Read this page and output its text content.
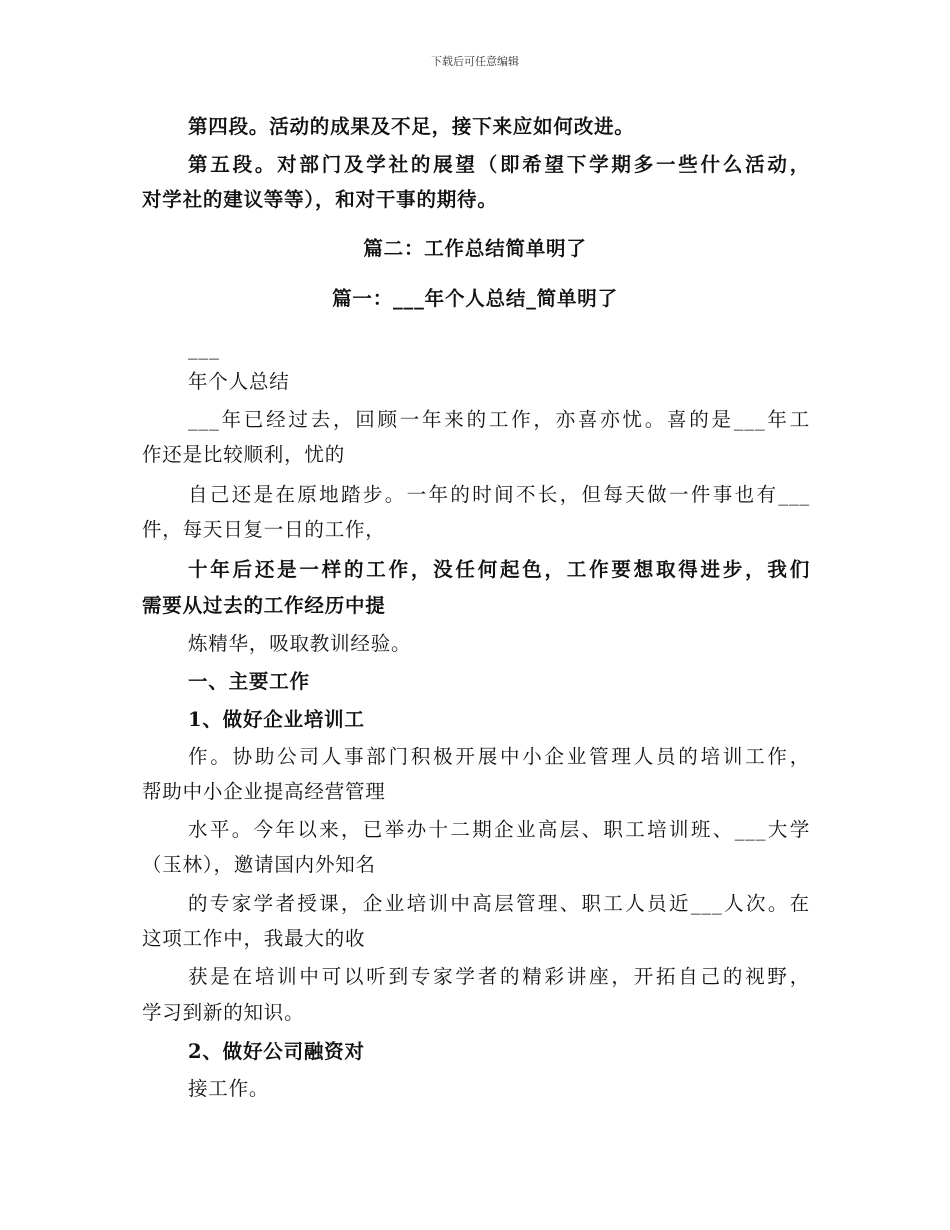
下载后可任意编辑
第四段。活动的成果及不足，接下来应如何改进。
第五段。对部门及学社的展望（即希望下学期多一些什么活动，
对学社的建议等等），和对干事的期待。
篇二：工作总结简单明了
篇一：___年个人总结_简单明了
___
年个人总结
___年已经过去，回顾一年来的工作，亦喜亦忧。喜的是___年工
作还是比较顺利，忧的
自己还是在原地踏步。一年的时间不长，但每天做一件事也有___
件，每天日复一日的工作，
十年后还是一样的工作，没任何起色，工作要想取得进步，我们
需要从过去的工作经历中提
炼精华，吸取教训经验。
一、主要工作
1、做好企业培训工
作。协助公司人事部门积极开展中小企业管理人员的培训工作，
帮助中小企业提高经营管理
水平。今年以来，已举办十二期企业高层、职工培训班、___大学
（玉林），邀请国内外知名
的专家学者授课，企业培训中高层管理、职工人员近___人次。在
这项工作中，我最大的收
获是在培训中可以听到专家学者的精彩讲座，开拓自己的视野，
学习到新的知识。
2、做好公司融资对
接工作。
